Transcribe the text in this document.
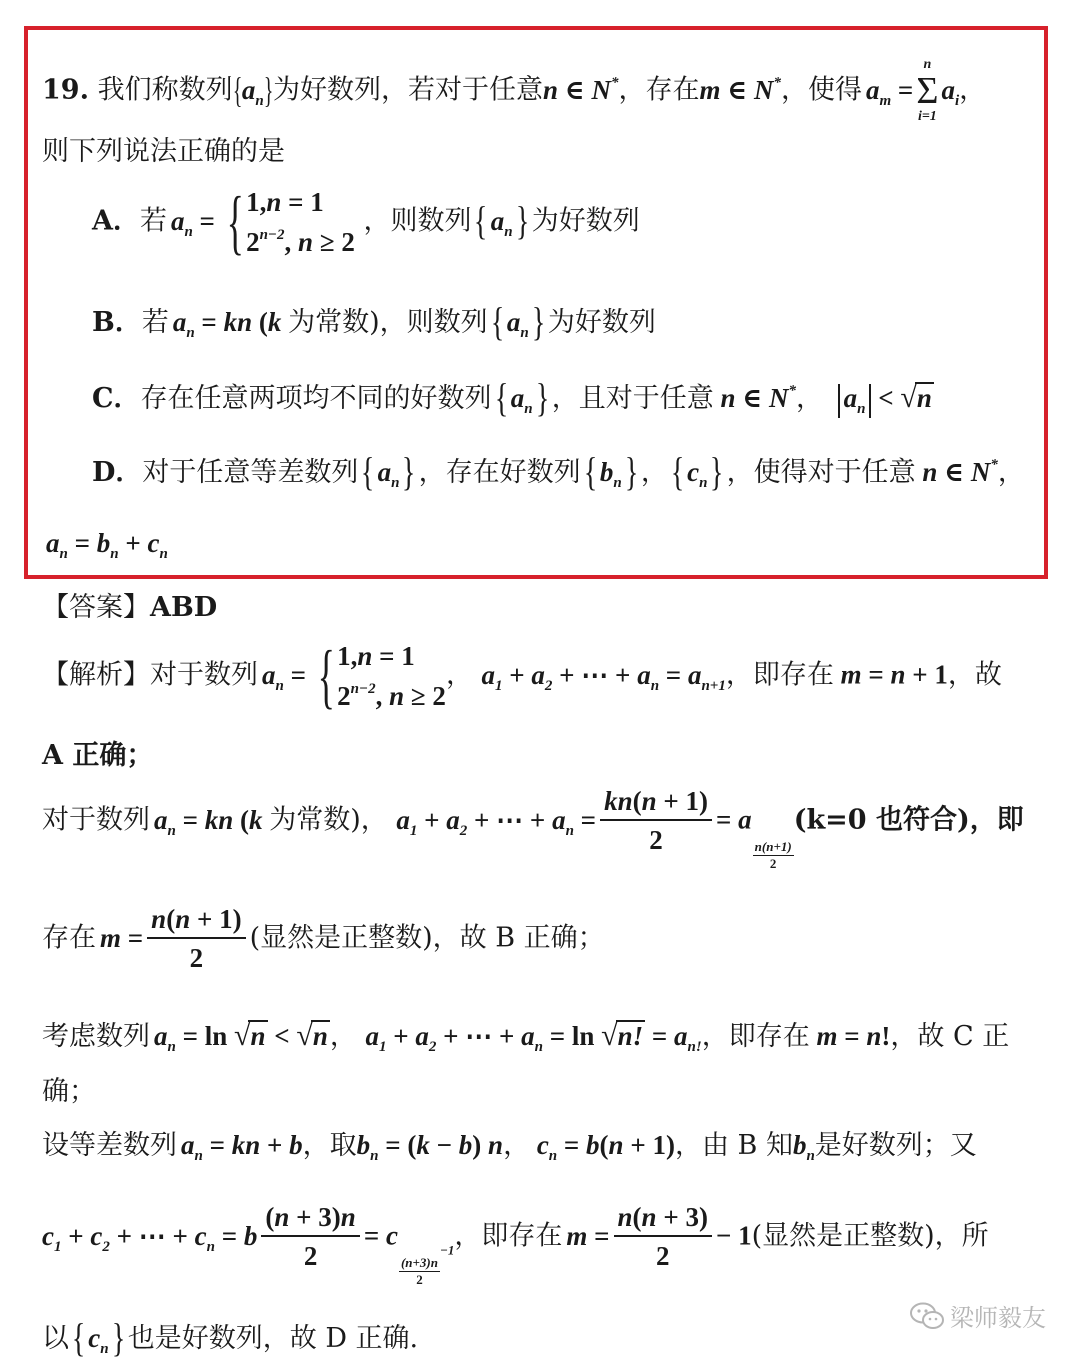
19. 我们称数列$\{a_n\}$为好数列，若对于任意n ∈ N*，存在m ∈ N*，使得 $a_m$ =
n
Σ
i=1
$a_i$，
则下列说法正确的是
A．若 $a_n$ = { 1,n = 1
$2^{n-2}$, n ≥ 2
，则数列{ $a_n$} 为好数列
B．若 $a_n$ = kn (k 为常数)，则数列{ $a_n$} 为好数列
C．存在任意两项均不同的好数列{ $a_n$} ，且对于任意 n ∈ N*， $a_n < √n$
D．对于任意等差数列{ $a_n$} ，存在好数列{ $b_n$} ，{ $c_n$} ，使得对于任意 n ∈ N*，
$a_n = b_n + c_n$
【答案】ABD
【解析】对于数列 $a_n$ = { 1,n = 1
$2^{n-2}$, n ≥ 2
， $a_1 + a_2$ + ⋯ + $a_n = a_{n+1}$，即存在 m = n + 1，故
A 正确；
对于数列 $a_n$ = kn (k 为常数)， $a_1 + a_2$ + ⋯ + $a_n = \frac{kn(n + 1)}{2} = a$
$\frac{n(n+1)}{2}$
(k=0 也符合)，即
存在 $m = \frac{n(n + 1)}{2}$ (显然是正整数)，故 B 正确；
考虑数列 $a_n = \ln √n < √n$， $a_1 + a_2$ + ⋯ + $a_n = \ln √n$! = $a_{n!}$，即存在 m = n!，故 C 正
确；
设等差数列 $a_n$ = kn + b，取$b_n = (k - b)$ n， $c_n = b(n + 1)$，由 B 知$b_n$是好数列；又
$c_1 + c_2$ + ⋯ + $c_n = b \frac{(n + 3)n}{2} = c$
$\frac{(n+3)n}{2}$
$_{-1}$，即存在 $m = \frac{n(n + 3)}{2} - 1$(显然是正整数)，所
以{ $c_n$} 也是好数列，故 D 正确.
梁师毅友
